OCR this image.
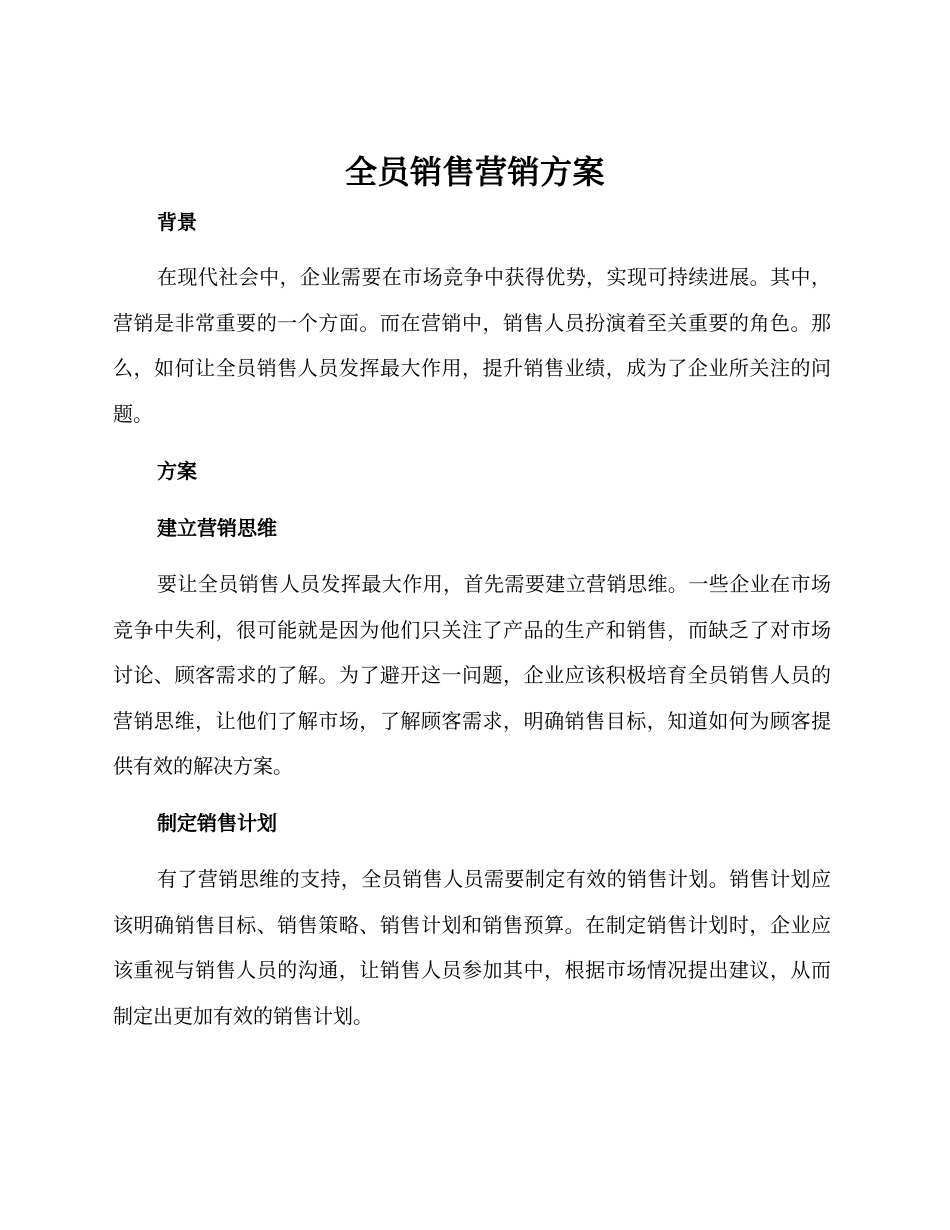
全员销售营销方案
背景
在现代社会中，企业需要在市场竞争中获得优势，实现可持续进展。其中，营销是非常重要的一个方面。而在营销中，销售人员扮演着至关重要的角色。那么，如何让全员销售人员发挥最大作用，提升销售业绩，成为了企业所关注的问题。
方案
建立营销思维
要让全员销售人员发挥最大作用，首先需要建立营销思维。一些企业在市场竞争中失利，很可能就是因为他们只关注了产品的生产和销售，而缺乏了对市场讨论、顾客需求的了解。为了避开这一问题，企业应该积极培育全员销售人员的营销思维，让他们了解市场，了解顾客需求，明确销售目标，知道如何为顾客提供有效的解决方案。
制定销售计划
有了营销思维的支持，全员销售人员需要制定有效的销售计划。销售计划应该明确销售目标、销售策略、销售计划和销售预算。在制定销售计划时，企业应该重视与销售人员的沟通，让销售人员参加其中，根据市场情况提出建议，从而制定出更加有效的销售计划。
